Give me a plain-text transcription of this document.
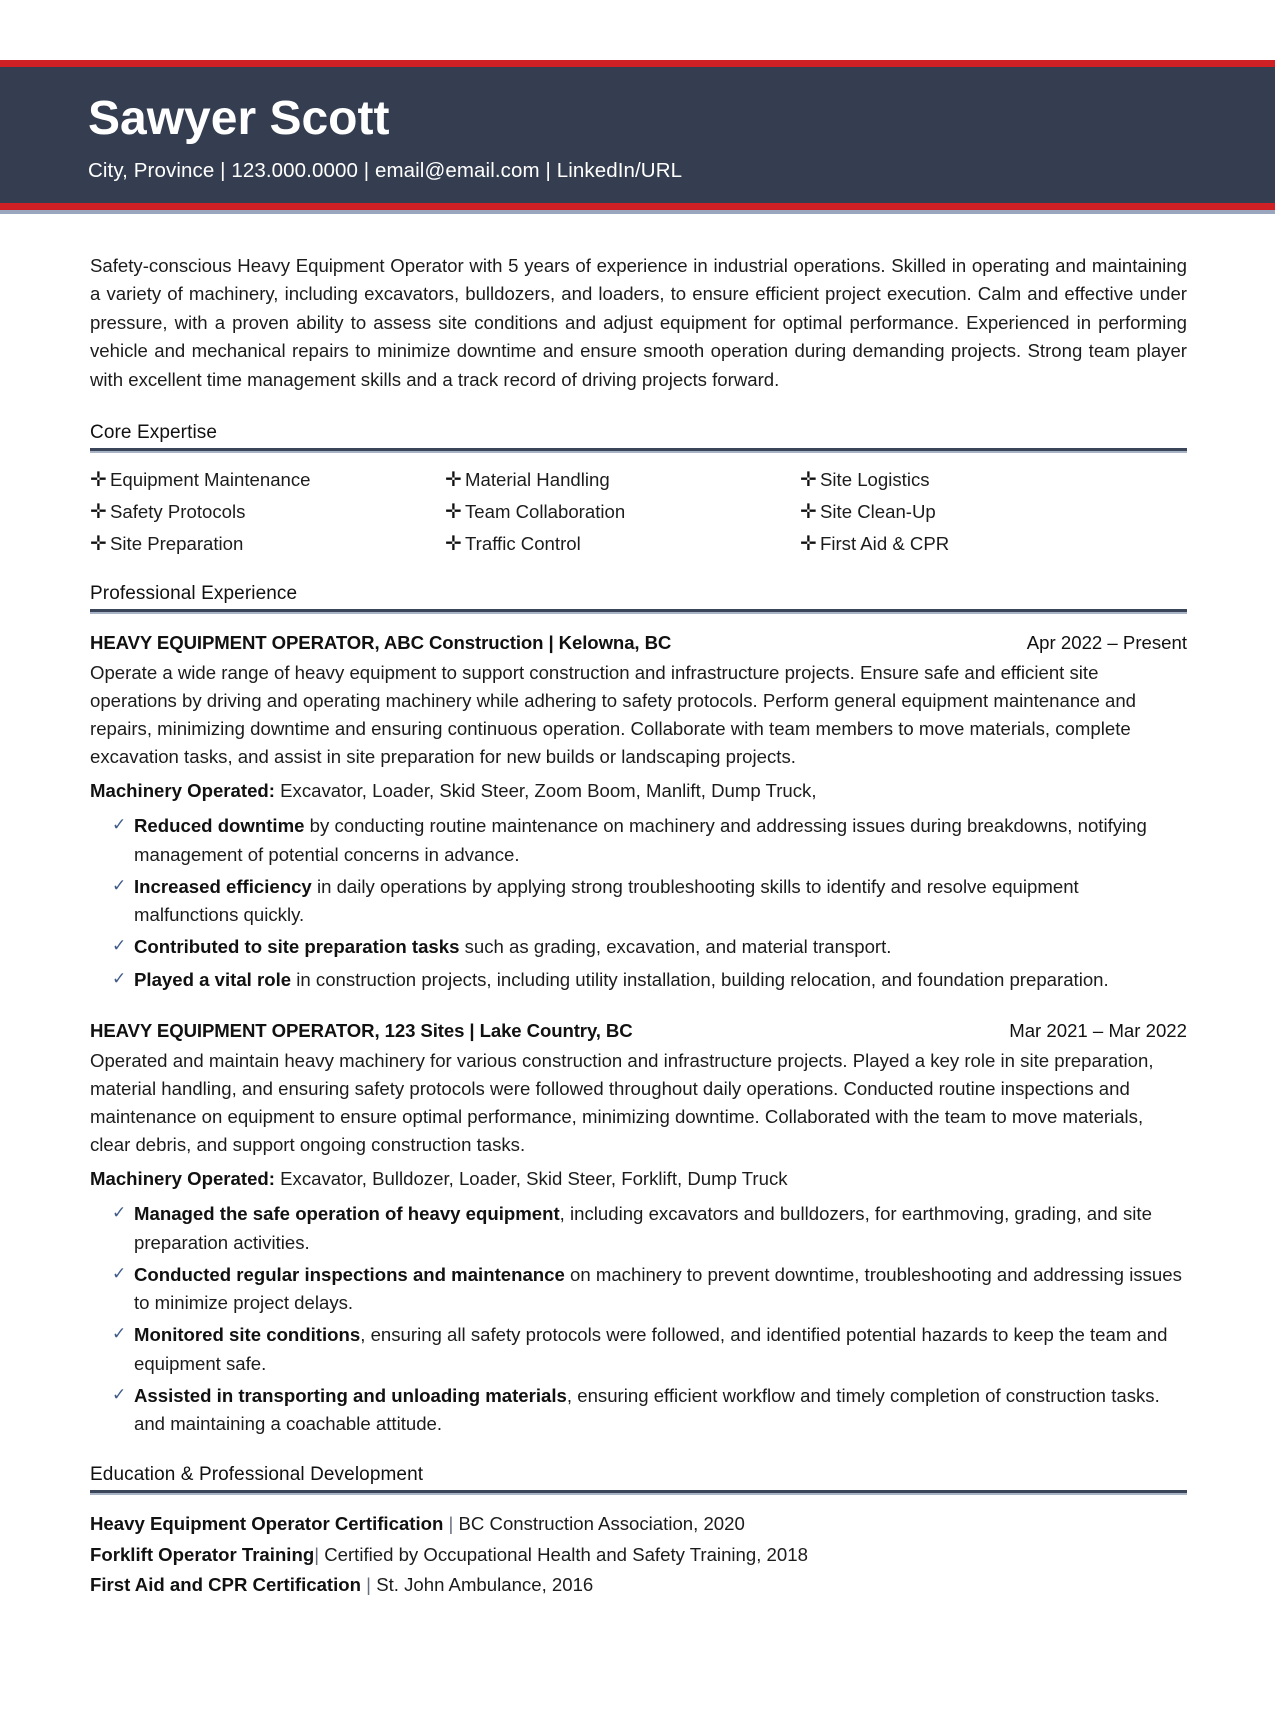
Sawyer Scott
City, Province | 123.000.0000 | email@email.com | LinkedIn/URL
Safety-conscious Heavy Equipment Operator with 5 years of experience in industrial operations. Skilled in operating and maintaining a variety of machinery, including excavators, bulldozers, and loaders, to ensure efficient project execution. Calm and effective under pressure, with a proven ability to assess site conditions and adjust equipment for optimal performance. Experienced in performing vehicle and mechanical repairs to minimize downtime and ensure smooth operation during demanding projects. Strong team player with excellent time management skills and a track record of driving projects forward.
Core Expertise
✛ Equipment Maintenance	✛ Material Handling	✛ Site Logistics
✛ Safety Protocols	✛ Team Collaboration	✛ Site Clean-Up
✛ Site Preparation	✛ Traffic Control	✛ First Aid & CPR
Professional Experience
HEAVY EQUIPMENT OPERATOR, ABC Construction | Kelowna, BC	Apr 2022 – Present
Operate a wide range of heavy equipment to support construction and infrastructure projects. Ensure safe and efficient site operations by driving and operating machinery while adhering to safety protocols. Perform general equipment maintenance and repairs, minimizing downtime and ensuring continuous operation. Collaborate with team members to move materials, complete excavation tasks, and assist in site preparation for new builds or landscaping projects.
Machinery Operated: Excavator, Loader, Skid Steer, Zoom Boom, Manlift, Dump Truck,
✓ Reduced downtime by conducting routine maintenance on machinery and addressing issues during breakdowns, notifying management of potential concerns in advance.
✓ Increased efficiency in daily operations by applying strong troubleshooting skills to identify and resolve equipment malfunctions quickly.
✓ Contributed to site preparation tasks such as grading, excavation, and material transport.
✓ Played a vital role in construction projects, including utility installation, building relocation, and foundation preparation.
HEAVY EQUIPMENT OPERATOR, 123 Sites | Lake Country, BC	Mar 2021 – Mar 2022
Operated and maintain heavy machinery for various construction and infrastructure projects. Played a key role in site preparation, material handling, and ensuring safety protocols were followed throughout daily operations. Conducted routine inspections and maintenance on equipment to ensure optimal performance, minimizing downtime. Collaborated with the team to move materials, clear debris, and support ongoing construction tasks.
Machinery Operated: Excavator, Bulldozer, Loader, Skid Steer, Forklift, Dump Truck
✓ Managed the safe operation of heavy equipment, including excavators and bulldozers, for earthmoving, grading, and site preparation activities.
✓ Conducted regular inspections and maintenance on machinery to prevent downtime, troubleshooting and addressing issues to minimize project delays.
✓ Monitored site conditions, ensuring all safety protocols were followed, and identified potential hazards to keep the team and equipment safe.
✓ Assisted in transporting and unloading materials, ensuring efficient workflow and timely completion of construction tasks. and maintaining a coachable attitude.
Education & Professional Development
Heavy Equipment Operator Certification | BC Construction Association, 2020
Forklift Operator Training| Certified by Occupational Health and Safety Training, 2018
First Aid and CPR Certification | St. John Ambulance, 2016
